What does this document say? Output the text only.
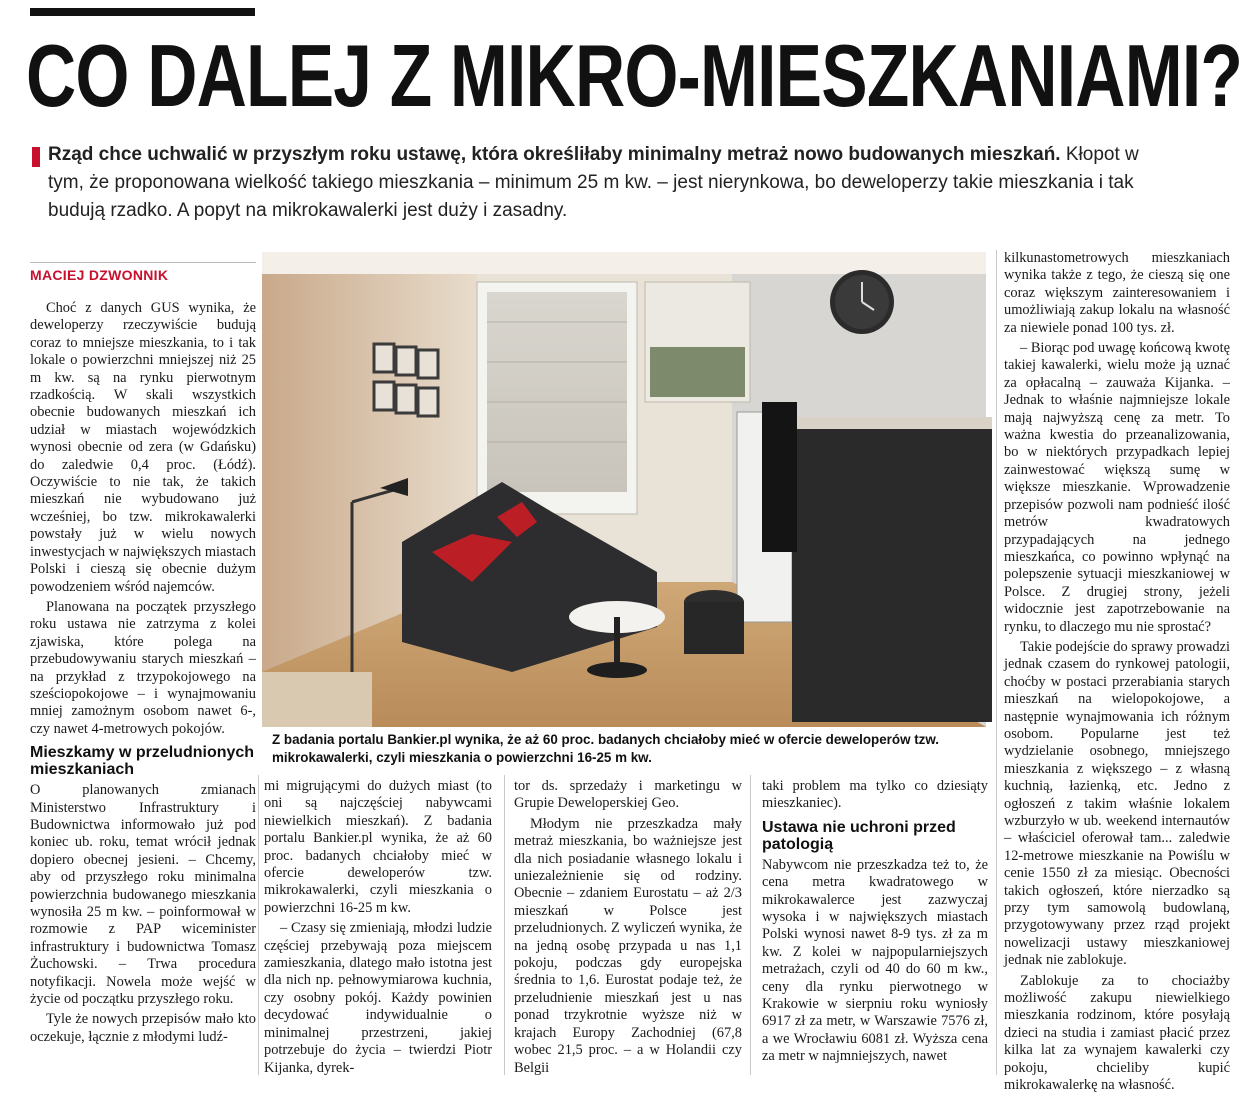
CO DALEJ Z MIKRO-MIESZKANIAMI?

Rząd chce uchwalić w przyszłym roku ustawę, która określiłaby minimalny metraż nowo budowanych mieszkań. Kłopot w tym, że proponowana wielkość takiego mieszkania – minimum 25 m kw. – jest nierynkowa, bo deweloperzy takie mieszkania i tak budują rzadko. A popyt na mikrokawalerki jest duży i zasadny.

MACIEJ DZWONNIK

Choć z danych GUS wynika, że deweloperzy rzeczywiście budują coraz to mniejsze mieszkania, to i tak lokale o powierzchni mniejszej niż 25 m kw. są na rynku pierwotnym rzadkością. W skali wszystkich obecnie budowanych mieszkań ich udział w miastach wojewódzkich wynosi obecnie od zera (w Gdańsku) do zaledwie 0,4 proc. (Łódź). Oczywiście to nie tak, że takich mieszkań nie wybudowano już wcześniej, bo tzw. mikrokawalerki powstały już w wielu nowych inwestycjach w największych miastach Polski i cieszą się obecnie dużym powodzeniem wśród najemców.

Planowana na początek przyszłego roku ustawa nie zatrzyma z kolei zjawiska, które polega na przebudowywaniu starych mieszkań – na przykład z trzypokojowego na sześciopokojowe – i wynajmowaniu mniej zamożnym osobom nawet 6-, czy nawet 4-metrowych pokojów.

Mieszkamy w przeludnionych mieszkaniach

O planowanych zmianach Ministerstwo Infrastruktury i Budownictwa informowało już pod koniec ub. roku, temat wrócił jednak dopiero obecnej jesieni. – Chcemy, aby od przyszłego roku minimalna powierzchnia budowanego mieszkania wynosiła 25 m kw. – poinformował w rozmowie z PAP wiceminister infrastruktury i budownictwa Tomasz Żuchowski. – Trwa procedura notyfikacji. Nowela może wejść w życie od początku przyszłego roku.

Tyle że nowych przepisów mało kto oczekuje, łącznie z młodymi ludź-

Z badania portalu Bankier.pl wynika, że aż 60 proc. badanych chciałoby mieć w ofercie deweloperów tzw. mikrokawalerki, czyli mieszkania o powierzchni 16-25 m kw.

mi migrującymi do dużych miast (to oni są najczęściej nabywcami niewielkich mieszkań). Z badania portalu Bankier.pl wynika, że aż 60 proc. badanych chciałoby mieć w ofercie deweloperów tzw. mikrokawalerki, czyli mieszkania o powierzchni 16-25 m kw.

– Czasy się zmieniają, młodzi ludzie częściej przebywają poza miejscem zamieszkania, dlatego mało istotna jest dla nich np. pełnowymiarowa kuchnia, czy osobny pokój. Każdy powinien decydować indywidualnie o minimalnej przestrzeni, jakiej potrzebuje do życia – twierdzi Piotr Kijanka, dyrek-

tor ds. sprzedaży i marketingu w Grupie Deweloperskiej Geo.

Młodym nie przeszkadza mały metraż mieszkania, bo ważniejsze jest dla nich posiadanie własnego lokalu i uniezależnienie się od rodziny. Obecnie – zdaniem Eurostatu – aż 2/3 mieszkań w Polsce jest przeludnionych. Z wyliczeń wynika, że na jedną osobę przypada u nas 1,1 pokoju, podczas gdy europejska średnia to 1,6. Eurostat podaje też, że przeludnienie mieszkań jest u nas ponad trzykrotnie wyższe niż w krajach Europy Zachodniej (67,8 wobec 21,5 proc. – a w Holandii czy Belgii

taki problem ma tylko co dziesiąty mieszkaniec).

Ustawa nie uchroni przed patologią

Nabywcom nie przeszkadza też to, że cena metra kwadratowego w mikrokawalerce jest zazwyczaj wysoka i w największych miastach Polski wynosi nawet 8-9 tys. zł za m kw. Z kolei w najpopularniejszych metrażach, czyli od 40 do 60 m kw., ceny dla rynku pierwotnego w Krakowie w sierpniu roku wyniosły 6917 zł za metr, w Warszawie 7576 zł, a we Wrocławiu 6081 zł. Wyższa cena za metr w najmniejszych, nawet

kilkunastometrowych mieszkaniach wynika także z tego, że cieszą się one coraz większym zainteresowaniem i umożliwiają zakup lokalu na własność za niewiele ponad 100 tys. zł.

– Biorąc pod uwagę końcową kwotę takiej kawalerki, wielu może ją uznać za opłacalną – zauważa Kijanka. – Jednak to właśnie najmniejsze lokale mają najwyższą cenę za metr. To ważna kwestia do przeanalizowania, bo w niektórych przypadkach lepiej zainwestować większą sumę w większe mieszkanie. Wprowadzenie przepisów pozwoli nam podnieść ilość metrów kwadratowych przypadających na jednego mieszkańca, co powinno wpłynąć na polepszenie sytuacji mieszkaniowej w Polsce. Z drugiej strony, jeżeli widocznie jest zapotrzebowanie na rynku, to dlaczego mu nie sprostać?

Takie podejście do sprawy prowadzi jednak czasem do rynkowej patologii, choćby w postaci przerabiania starych mieszkań na wielopokojowe, a następnie wynajmowania ich różnym osobom. Popularne jest też wydzielanie osobnego, mniejszego mieszkania z większego – z własną kuchnią, łazienką, etc. Jedno z ogłoszeń z takim właśnie lokalem wzburzyło w ub. weekend internautów – właściciel oferował tam... zaledwie 12-metrowe mieszkanie na Powiślu w cenie 1550 zł za miesiąc. Obecności takich ogłoszeń, które nierzadko są przy tym samowolą budowlaną, przygotowywany przez rząd projekt nowelizacji ustawy mieszkaniowej jednak nie zablokuje.

Zablokuje za to chociażby możliwość zakupu niewielkiego mieszkania rodzinom, które posyłają dzieci na studia i zamiast płacić przez kilka lat za wynajem kawalerki czy pokoju, chcieliby kupić mikrokawalerkę na własność.
